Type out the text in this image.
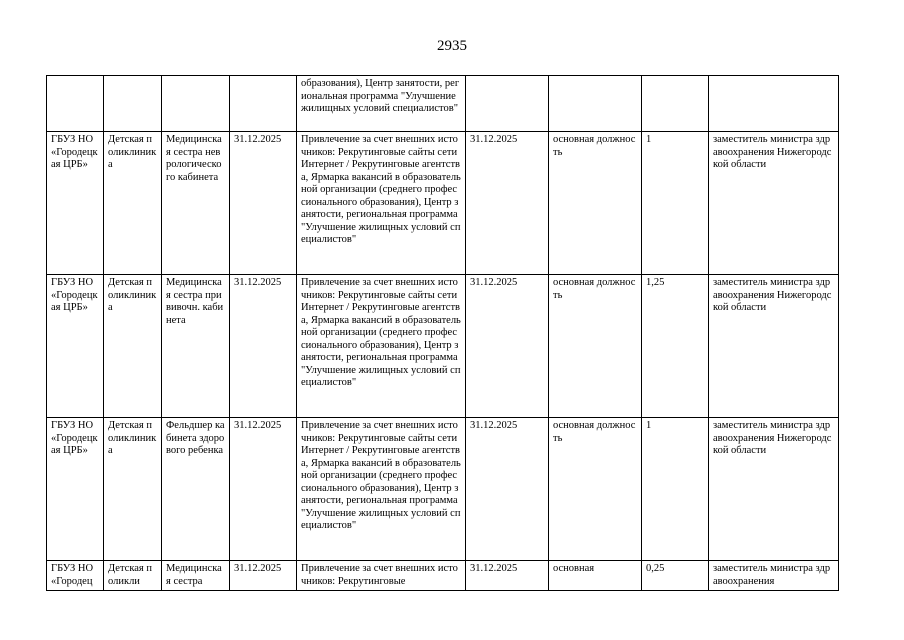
2935
				образования), Центр занятости, региональная программа "Улучшение жилищных условий специалистов"				
ГБУЗ НО «Городецкая ЦРБ»	Детская поликлиника	Медицинская сестра неврологического кабинета	31.12.2025	Привлечение за счет внешних источников: Рекрутинговые сайты сети Интернет / Рекрутинговые агентства, Ярмарка вакансий в образовательной организации (среднего профессионального образования), Центр занятости, региональная программа "Улучшение жилищных условий специалистов"	31.12.2025	основная должность	1	заместитель министра здравоохранения Нижегородской области
ГБУЗ НО «Городецкая ЦРБ»	Детская поликлиника	Медицинская сестра прививочн. кабинета	31.12.2025	Привлечение за счет внешних источников: Рекрутинговые сайты сети Интернет / Рекрутинговые агентства, Ярмарка вакансий в образовательной организации (среднего профессионального образования), Центр занятости, региональная программа "Улучшение жилищных условий специалистов"	31.12.2025	основная должность	1,25	заместитель министра здравоохранения Нижегородской области
ГБУЗ НО «Городецкая ЦРБ»	Детская поликлиника	Фельдшер кабинета здорового ребенка	31.12.2025	Привлечение за счет внешних источников: Рекрутинговые сайты сети Интернет / Рекрутинговые агентства, Ярмарка вакансий в образовательной организации (среднего профессионального образования), Центр занятости, региональная программа "Улучшение жилищных условий специалистов"	31.12.2025	основная должность	1	заместитель министра здравоохранения Нижегородской области

ГБУЗ НО «Городец	Детская поликли	Медицинская сестра	31.12.2025	Привлечение за счет внешних источников: Рекрутинговые	31.12.2025	основная	0,25	заместитель министра здравоохранения
